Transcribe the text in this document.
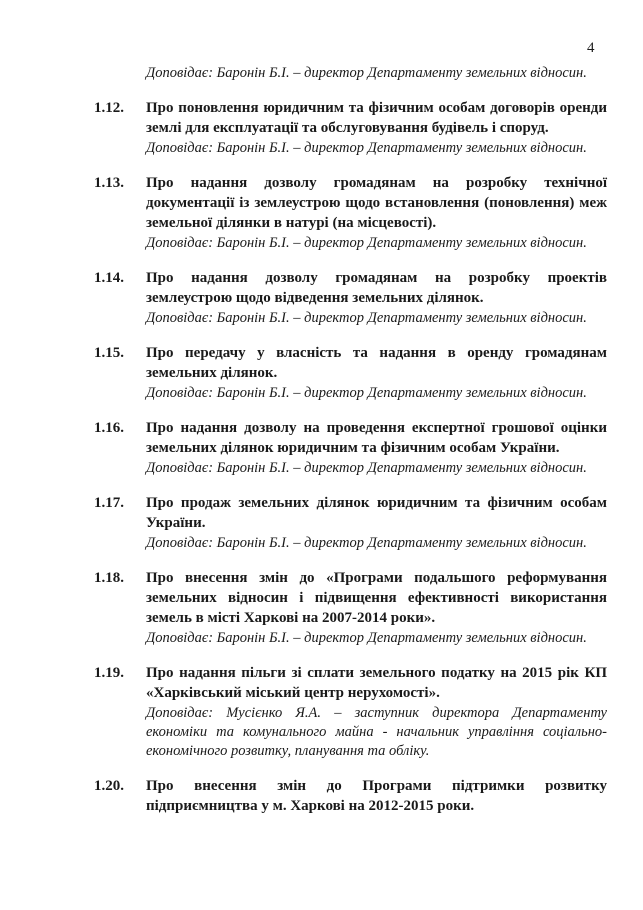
4
Доповідає: Баронін Б.І. – директор Департаменту земельних відносин.
1.12.	Про поновлення юридичним та фізичним особам договорів оренди землі для експлуатації та обслуговування будівель і споруд.
Доповідає: Баронін Б.І. – директор Департаменту земельних відносин.
1.13.	Про надання дозволу громадянам на розробку технічної документації із землеустрою щодо встановлення (поновлення) меж земельної ділянки в натурі (на місцевості).
Доповідає: Баронін Б.І. – директор Департаменту земельних відносин.
1.14.	Про надання дозволу громадянам на розробку проектів землеустрою щодо відведення земельних ділянок.
Доповідає: Баронін Б.І. – директор Департаменту земельних відносин.
1.15.	Про передачу у власність та надання в оренду громадянам земельних ділянок.
Доповідає: Баронін Б.І. – директор Департаменту земельних відносин.
1.16.	Про надання дозволу на проведення експертної грошової оцінки земельних ділянок юридичним та фізичним особам України.
Доповідає: Баронін Б.І. – директор Департаменту земельних відносин.
1.17.	Про продаж земельних ділянок юридичним та фізичним особам України.
Доповідає: Баронін Б.І. – директор Департаменту земельних відносин.
1.18.	Про внесення змін до «Програми подальшого реформування земельних відносин і підвищення ефективності використання земель в місті Харкові на 2007-2014 роки».
Доповідає: Баронін Б.І. – директор Департаменту земельних відносин.
1.19.	Про надання пільги зі сплати земельного податку на 2015 рік КП «Харківський міський центр нерухомості».
Доповідає: Мусієнко Я.А. – заступник директора Департаменту економіки та комунального майна - начальник управління соціально-економічного розвитку, планування та обліку.
1.20.	Про внесення змін до Програми підтримки розвитку підприємництва у м. Харкові на 2012-2015 роки.
